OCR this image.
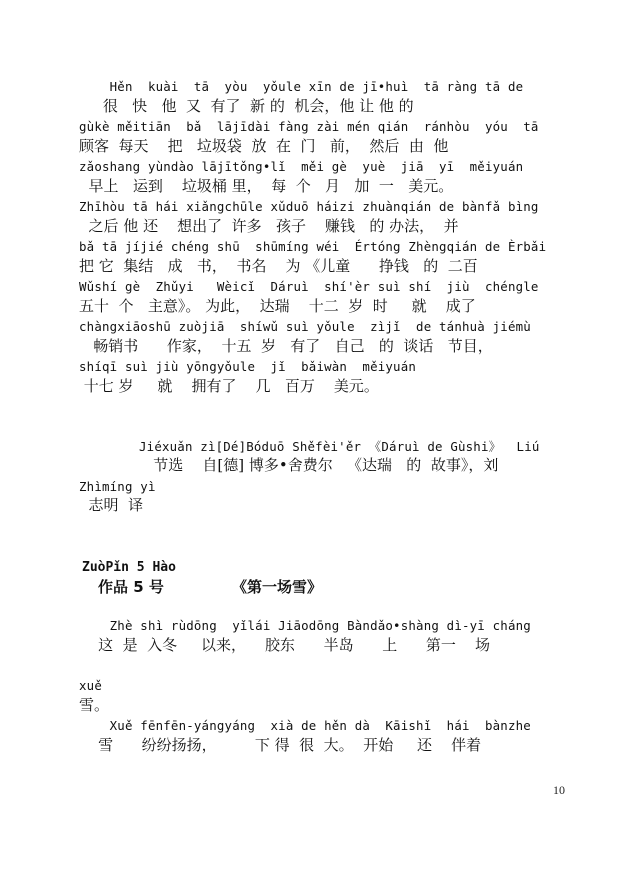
Hěn  kuài  tā  yòu  yǒule xīn de jī•huì  tā ràng tā de
很   快   他  又  有了  新 的  机会，他 让 他 的
gùkè měitiān  bǎ  lājīdài fàng zài mén qián  ránhòu  yóu  tā
顾客  每天    把   垃圾袋  放  在  门   前，  然后  由  他
zǎoshang yùndào lājītǒng•lǐ  měi gè  yuè  jiā  yī  měiyuán
早上   运到    垃圾桶 里，  每  个   月   加  一   美元。
Zhīhòu tā hái xiǎngchūle xǔduō háizi zhuànqián de bànfǎ bìng
之后 他 还    想出了  许多   孩子    赚钱   的 办法，  并
bǎ tā jíjié chéng shū  shūmíng wéi  Értóng Zhèngqián de Èrbǎi
把 它  集结   成   书，  书名    为 《儿童      挣钱   的  二百
Wǔshí gè  Zhǔyi   Wèicǐ  Dáruì  shí'èr suì shí  jiù  chéngle
五十  个   主意》。 为此，  达瑞    十二  岁  时     就    成了
chàngxiāoshū zuòjiā  shíwǔ suì yǒule  zìjǐ  de tánhuà jiémù
畅销书      作家，  十五  岁   有了   自己   的  谈话   节目，
shíqī suì jiù yōngyǒule  jǐ  bǎiwàn  měiyuán
十七 岁     就    拥有了    几   百万    美元。
Jiéxuǎn zì[Dé]Bóduō Shěfèi'ěr 《Dáruì de Gùshi》  Liú
节选    自[德] 博多•舍费尔   《达瑞   的  故事》，刘
Zhìmíng yì
志明  译
ZuòPǐn 5 Hào
作品 5 号	《第一场雪》
Zhè shì rùdōng  yǐlái Jiāodōng Bàndǎo•shàng dì-yī cháng
这  是  入冬     以来，    胶东      半岛      上      第一    场
xuě
雪。
Xuě fēnfēn-yángyáng  xià de hěn dà  Kāishǐ  hái  bànzhe
雪      纷纷扬扬，        下 得  很  大。  开始     还    伴着
10
